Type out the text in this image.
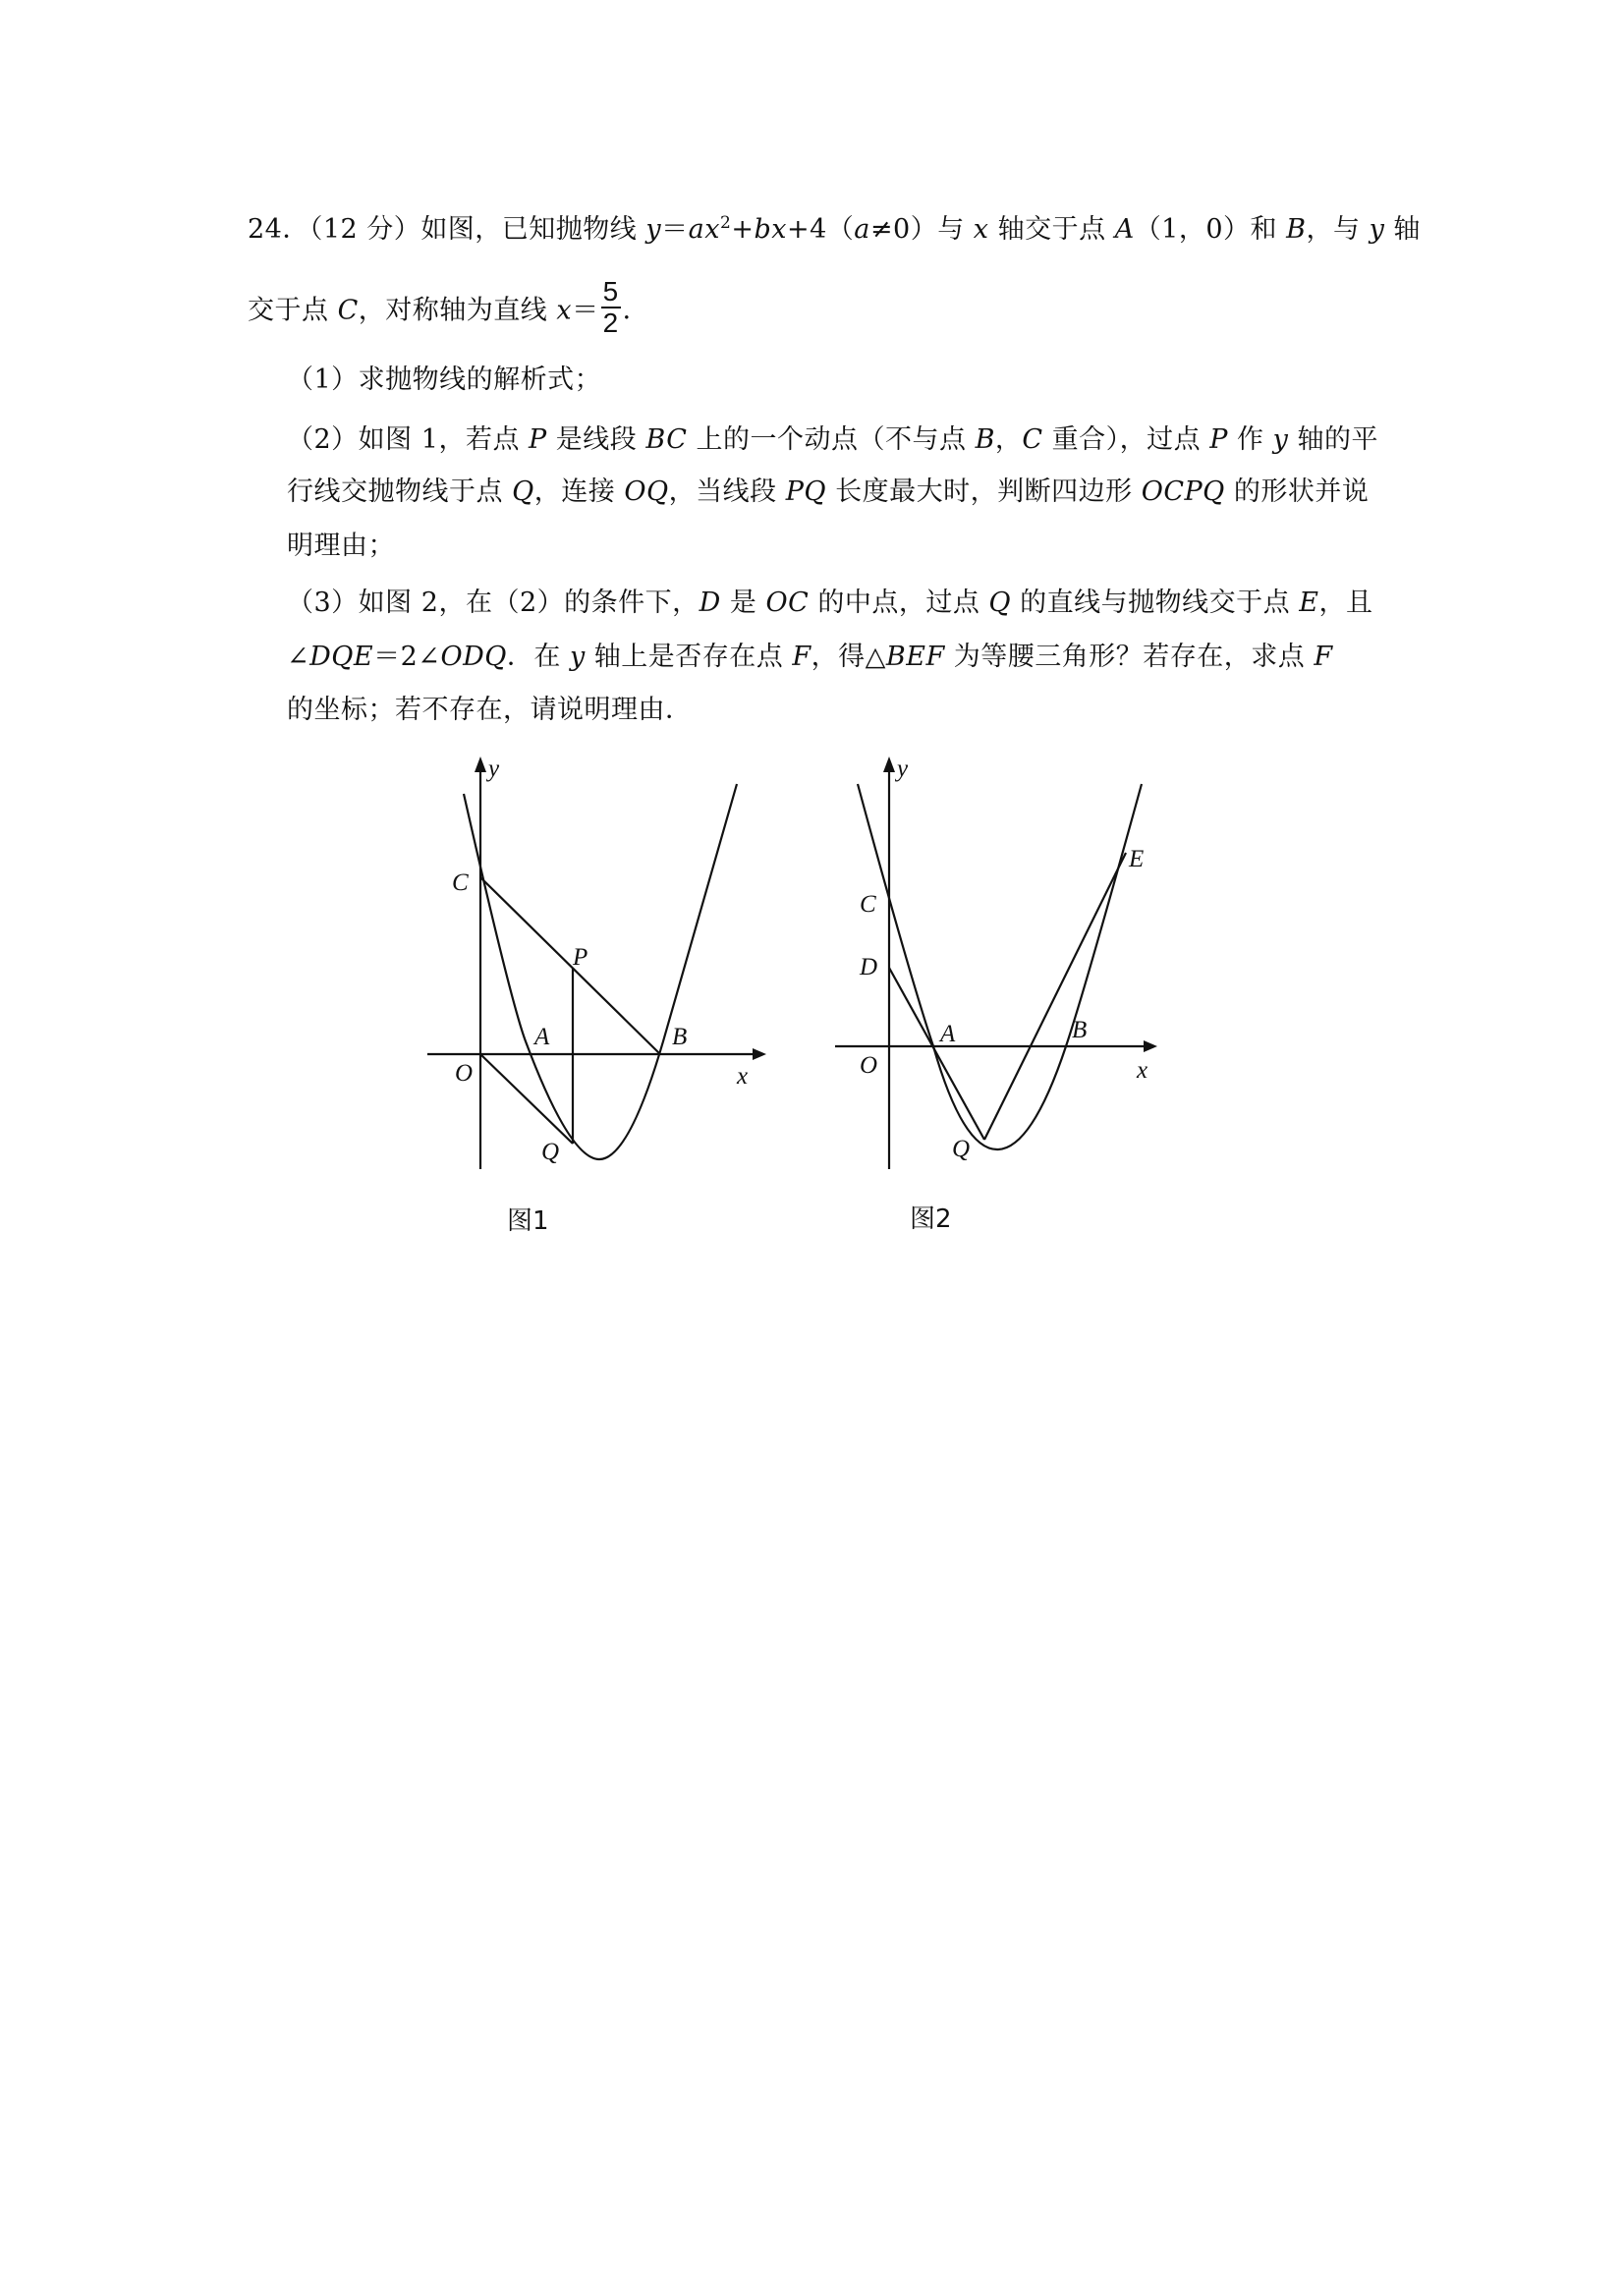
24．（12 分）如图，已知抛物线 $y=ax^2+bx+4(a\ne 0)$与 x 轴交于点 A（1，0）和 B，与 y 轴
交于点 C，对称轴为直线 $x= \frac{5}{2}$ ．
（1）求抛物线的解析式；
（2）如图 1，若点 P 是线段 BC 上的一个动点（不与点 B，C 重合），过点 P 作 y 轴的平
行线交抛物线于点 Q，连接 OQ，当线段 PQ 长度最大时，判断四边形 OCPQ 的形状并说
明理由；
（3）如图 2，在（2）的条件下，D 是 OC 的中点，过点 Q 的直线与抛物线交于点 E，且
∠DQE＝2∠ODQ．在 y 轴上是否存在点 F，得△BEF 为等腰三角形？若存在，求点 F
的坐标；若不存在，请说明理由．
y
C
P
A	B
O	x
Q
图1
y
E
C
D
A	B
O	x
Q
图2
